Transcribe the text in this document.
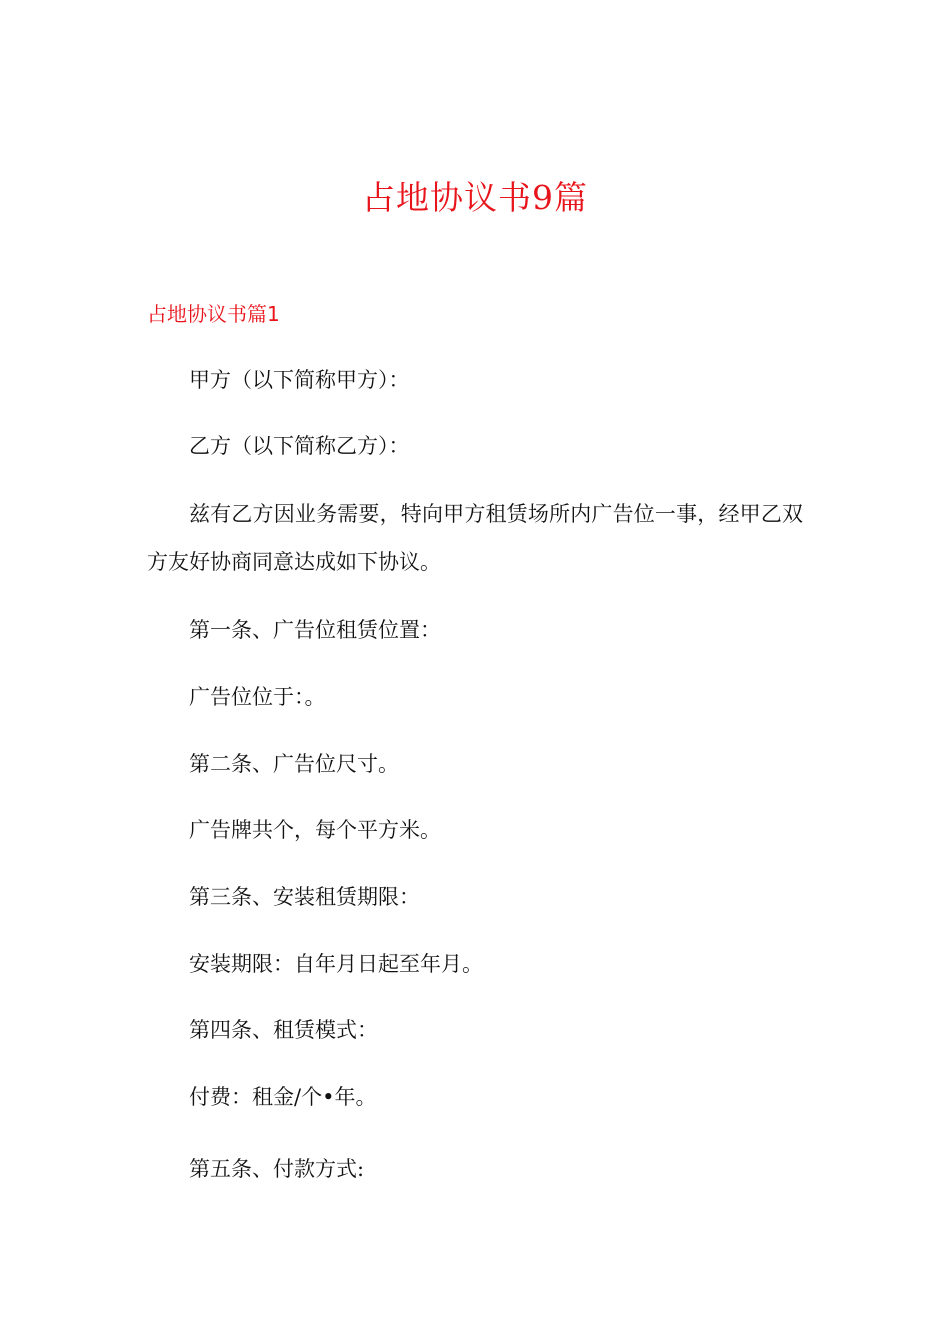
占地协议书9篇
占地协议书篇1

甲方（以下简称甲方）：

乙方（以下简称乙方）：

兹有乙方因业务需要，特向甲方租赁场所内广告位一事，经甲乙双方友好协商同意达成如下协议。

第一条、广告位租赁位置：

广告位位于：。

第二条、广告位尺寸。

广告牌共个，每个平方米。

第三条、安装租赁期限：

安装期限：自年月日起至年月。

第四条、租赁模式：

付费：租金/个•年。

第五条、付款方式:
